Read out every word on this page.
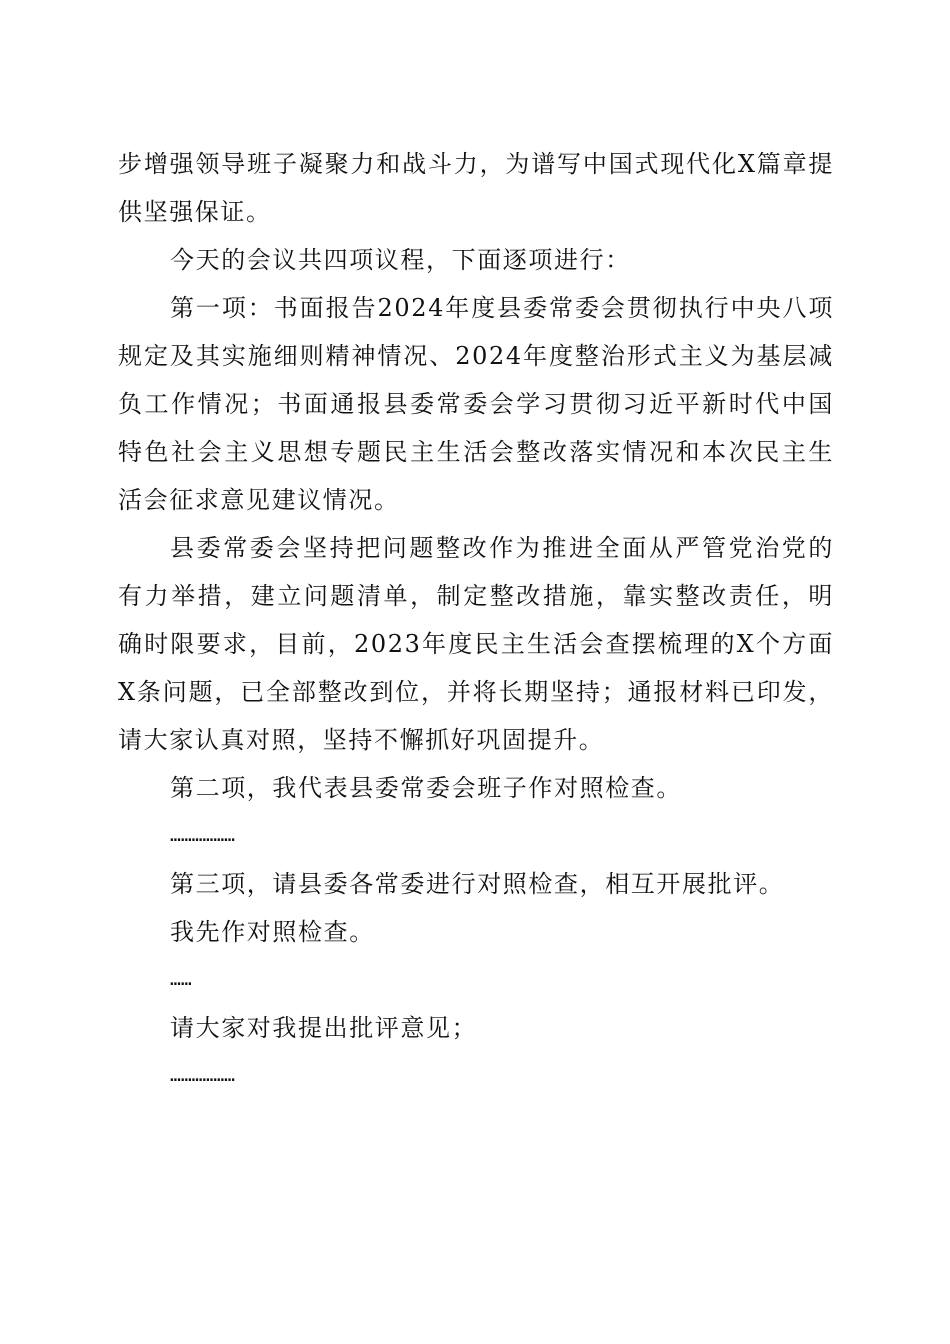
步增强领导班子凝聚力和战斗力，为谱写中国式现代化X篇章提供坚强保证。

今天的会议共四项议程，下面逐项进行：

第一项：书面报告2024年度县委常委会贯彻执行中央八项规定及其实施细则精神情况、2024年度整治形式主义为基层减负工作情况；书面通报县委常委会学习贯彻习近平新时代中国特色社会主义思想专题民主生活会整改落实情况和本次民主生活会征求意见建议情况。

县委常委会坚持把问题整改作为推进全面从严管党治党的有力举措，建立问题清单，制定整改措施，靠实整改责任，明确时限要求，目前，2023年度民主生活会查摆梳理的X个方面X条问题，已全部整改到位，并将长期坚持；通报材料已印发，请大家认真对照，坚持不懈抓好巩固提升。

第二项，我代表县委常委会班子作对照检查。

………………

第三项，请县委各常委进行对照检查，相互开展批评。

我先作对照检查。

……

请大家对我提出批评意见；

………………
